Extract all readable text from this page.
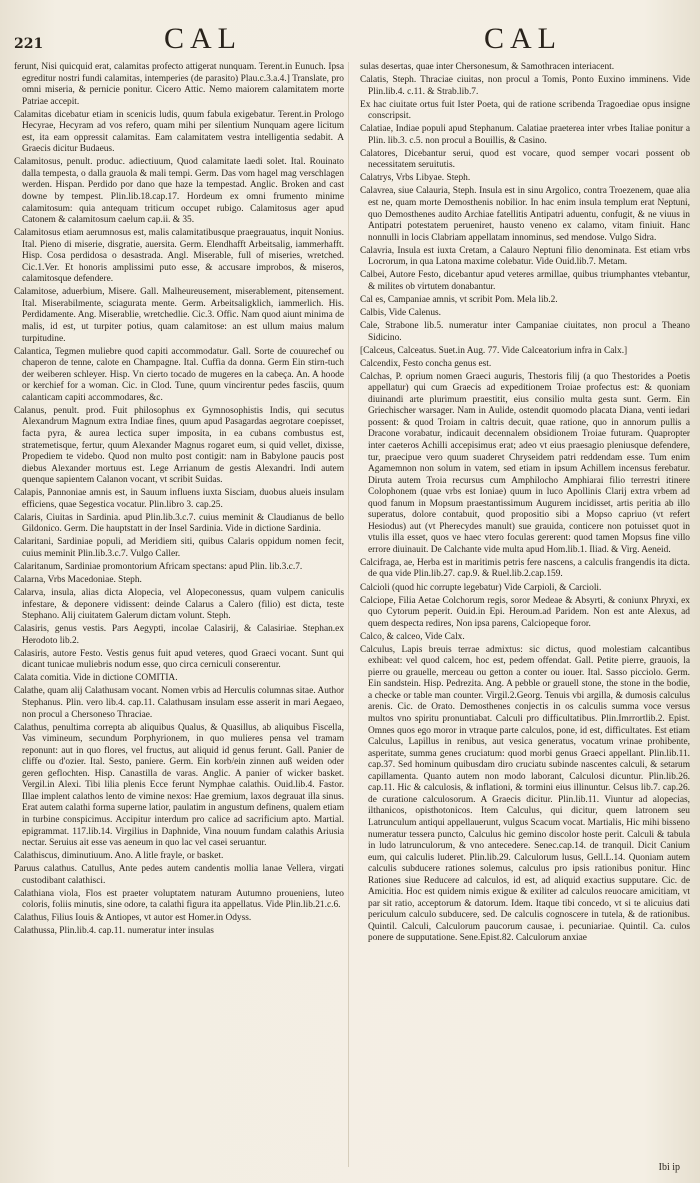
221	CAL	CAL

ferunt, Nisi quicquid erat, calamitas profecto attigerat nunquam. Terent.in Eunuch. Ipsa egreditur nostri fundi calamitas, intemperies (de parasito) Plau.c.3.a.4.] Translate, pro omni miseria, & pernicie ponitur. Cicero Attic. Nemo maiorem calamitatem morte Patriae accepit.

Calamitas dicebatur etiam in scenicis ludis, quum fabula exigebatur. Terent.in Prologo Hecyrae, Hecyram ad vos refero, quam mihi per silentium Nunquam agere licitum est, ita eam oppressit calamitas. Eam calamitatem vestra intelligentia sedabit. A Graecis dicitur Budaeus.

Calamitosus, penult. produc. adiectiuum, Quod calamitate laedi solet. Ital. Rouinato dalla tempesta, o dalla grauola & mali tempi. Germ. Das vom hagel mag verschlagen werden. Hispan. Perdido por dano que haze la tempestad. Anglic. Broken and cast downe by tempest. Plin.lib.18.cap.17. Hordeum ex omni frumento minime calamitosum: quia antequam triticum occupet rubigo. Calamitosus ager apud Catonem & calamitosum caelum cap.ii. & 35.

Calamitosus etiam aerumnosus est, malis calamitatibusque praegrauatus, inquit Nonius. Ital. Pieno di miserie, disgratie, auersita. Germ. Elendhafft Arbeitsalig, iammerhafft. Hisp. Cosa perdidosa o desastrada. Angl. Miserable, full of miseries, wretched. Cic.1.Ver. Et honoris amplissimi puto esse, & accusare improbos, & miseros, calamitosque defendere.

Calamitose, aduerbium, Misere. Gall. Malheureusement, miserablement, pitensement. Ital. Miserabilmente, sciagurata mente. Germ. Arbeitsaligklich, iammerlich. His. Perdidamente. Ang. Miserablie, wretchedlie. Cic.3. Offic. Nam quod aiunt minima de malis, id est, ut turpiter potius, quam calamitose: an est ullum maius malum turpitudine.

Calantica, Tegmen muliebre quod capiti accommodatur. Gall. Sorte de couurechef ou chaperon de tenne, calote en Champagne. Ital. Cuffia da donna. Germ Ein stirn-tuch der weiberen schleyer. Hisp. Vn cierto tocado de mugeres en la cabeça. An. A hoode or kerchief for a woman. Cic. in Clod. Tune, quum vincirentur pedes fasciis, quum calanticam capiti accommodares, &c.

Calanus, penult. prod. Fuit philosophus ex Gymnosophistis Indis, qui secutus Alexandrum Magnum extra Indiae fines, quum apud Pasagardas aegrotare coepisset, facta pyra, & aurea lectica super imposita, in ea cubans combustus est, stratemetisque, fertur, quum Alexander Magnus rogaret eum, si quid vellet, dixisse, Propediem te videbo. Quod non multo post contigit: nam in Babylone paucis post diebus Alexander mortuus est. Lege Arrianum de gestis Alexandri. Indi autem quenque sapientem Calanon vocant, vt scribit Suidas.

Calapis, Pannoniae amnis est, in Sauum influens iuxta Sisciam, duobus alueis insulam efficiens, quae Segestica vocatur. Plin.libro 3. cap.25.

Calaris, Ciuitas in Sardinia. apud Plin.lib.3.c.7. cuius meminit & Claudianus de bello Gildonico. Germ. Die hauptstatt in der Insel Sardinia. Vide in dictione Sardinia.

Calaritani, Sardiniae populi, ad Meridiem siti, quibus Calaris oppidum nomen fecit, cuius meminit Plin.lib.3.c.7. Vulgo Caller.

Calaritanum, Sardiniae promontorium Africam spectans: apud Plin. lib.3.c.7.

Calarna, Vrbs Macedoniae. Steph.

Calarva, insula, alias dicta Alopecia, vel Alopeconessus, quam vulpem caniculis infestare, & deponere vidissent: deinde Calarus a Calero (filio) est dicta, teste Stephano. Alij ciuitatem Galerum dictam volunt. Steph.

Calasiris, genus vestis. Pars Aegypti, incolae Calasirij, & Calasiriae. Stephan.ex Herodoto lib.2.

Calasiris, autore Festo. Vestis genus fuit apud veteres, quod Graeci vocant. Sunt qui dicant tunicae muliebris nodum esse, quo circa cerniculi conserentur.

Calata comitia. Vide in dictione COMITIA.

Calathe, quam alij Calathusam vocant. Nomen vrbis ad Herculis columnas sitae. Author Stephanus. Plin. vero lib.4. cap.11. Calathusam insulam esse asserit in mari Aegaeo, non procul a Chersoneso Thraciae.

Calathus, penultima correpta ab aliquibus Qualus, & Quasillus, ab aliquibus Fiscella, Vas vimineum, secundum Porphyrionem, in quo mulieres pensa vel tramam reponunt: aut in quo flores, vel fructus, aut aliquid id genus ferunt. Gall. Panier de cliffe ou d'ozier. Ital. Sesto, paniere. Germ. Ein korb/ein zinnen auß weiden oder geren geflochten. Hisp. Canastilla de varas. Anglic. A panier of wicker basket. Vergil.in Alexi. Tibi lilia plenis Ecce ferunt Nymphae calathis. Ouid.lib.4. Fastor. Illae implent calathos lento de vimine nexos: Hae gremium, laxos degrauat illa sinus. Erat autem calathi forma superne latior, paulatim in angustum definens, qualem etiam in turbine conspicimus. Accipitur interdum pro calice ad sacrificium apto. Martial. epigrammat. 117.lib.14. Virgilius in Daphnide, Vina nouum fundam calathis Ariusia nectar. Seruius ait esse vas aeneum in quo lac vel casei seruantur.

Calathiscus, diminutiuum. Ano. A litle frayle, or basket.

Paruus calathus. Catullus, Ante pedes autem candentis mollia lanae Vellera, virgati custodibant calathisci.

Calathiana viola, Flos est praeter voluptatem naturam Autumno proueniens, luteo coloris, foliis minutis, sine odore, ta calathi figura ita appellatus. Vide Plin.lib.21.c.6.

Calathus, Filius Iouis & Antiopes, vt autor est Homer.in Odyss.

Calathussa, Plin.lib.4. cap.11. numeratur inter insulas

sulas desertas, quae inter Chersonesum, & Samothracen interiacent.

Calatis, Steph. Thraciae ciuitas, non procul a Tomis, Ponto Euxino imminens. Vide Plin.lib.4. c.11. & Strab.lib.7.

Ex hac ciuitate ortus fuit Ister Poeta, qui de ratione scribenda Tragoediae opus insigne conscripsit.

Calatiae, Indiae populi apud Stephanum. Calatiae praeterea inter vrbes Italiae ponitur a Plin. lib.3. c.5. non procul a Bouillis, & Casino.

Calatores, Dicebantur serui, quod est vocare, quod semper vocari possent ob necessitatem seruitutis.

Calatrys, Vrbs Libyae. Steph.

Calavrea, siue Calauria, Steph. Insula est in sinu Argolico, contra Troezenem, quae alia est ne, quam morte Demosthenis nobilior. In hac enim insula templum erat Neptuni, quo Demosthenes audito Archiae fatellitis Antipatri aduentu, confugit, & ne viuus in Antipatri potestatem perueniret, hausto veneno ex calamo, vitam finiuit. Hanc nonnulli in locis Clabriam appellatam innominus, sed mendose. Vulgo Sidra.

Calavria, Insula est iuxta Cretam, a Calauro Neptuni filio denominata. Est etiam vrbs Locrorum, in qua Latona maxime colebatur. Vide Ouid.lib.7. Metam.

Calbei, Autore Festo, dicebantur apud veteres armillae, quibus triumphantes vtebantur, & milites ob virtutem donabantur.

Cal es, Campaniae amnis, vt scribit Pom. Mela lib.2.

Calbis, Vide Calenus.

Cale, Strabone lib.5. numeratur inter Campaniae ciuitates, non procul a Theano Sidicino.

[Calceus, Calceatus. Suet.in Aug. 77. Vide Calceatorium infra in Calx.]

Calcendix, Festo concha genus est.

Calchas, P. oprium nomen Graeci auguris, Thestoris filij (a quo Thestorides a Poetis appellatur) qui cum Graecis ad expeditionem Troiae profectus est: & quoniam diuinandi arte plurimum praestitit, eius consilio multa gesta sunt. Germ. Ein Griechischer warsager. Nam in Aulide, ostendit quomodo placata Diana, venti iedari possent: & quod Troiam in caltris decuit, quae ratione, quo in annorum pullis a Dracone vorabatur, indicauit decennalem obsidionem Troiae futuram. Quapropter inter caeteros Achilli accepisimus erat; adeo vt eius praesagio pleniusque defendere, tur, praecipue vero quum suaderet Chryseidem patri reddendam esse. Tum enim Agamemnon non solum in vatem, sed etiam in ipsum Achillem incensus ferebatur. Diruta autem Troia recursus cum Amphilocho Amphiarai filio terrestri itinere Colophonem (quae vrbs est Ioniae) quum in luco Apollinis Clarij extra vrbem ad quod fanum in Mopsum praestantissimum Augurem incidisset, artis peritia ab illo superatus, dolore contabuit, quod propositio sibi a Mopso capriuo (vt refert Hesiodus) aut (vt Pherecydes manult) sue grauida, conticere non potuisset quot in vtulis illa esset, quos ve haec vtero foculas gererent: quod tamen Mopsus fine villo errore diuinauit. De Calchante vide multa apud Hom.lib.1. Iliad. & Virg. Aeneid.

Calcifraga, ae, Herba est in maritimis petris fere nascens, a calculis frangendis ita dicta. de qua vide Plin.lib.27. cap.9. & Ruel.lib.2.cap.159.

Calcioli (quod hic corrupte legebatur) Vide Carpioli, & Carcioli.

Calciope, Filia Aetae Colchorum regis, soror Medeae & Absyrti, & coniunx Phryxi, ex quo Cytorum peperit. Ouid.in Epi. Heroum.ad Paridem. Non est ante Alexus, ad quem despecta redires, Non ipsa parens, Calciopeque foror.

Calco, & calceo, Vide Calx.

Calculus, Lapis breuis terrae admixtus: sic dictus, quod molestiam calcantibus exhibeat: vel quod calcem, hoc est, pedem offendat. Gall. Petite pierre, grauois, la pierre ou grauelle, merceau ou getton a conter ou iouer. Ital. Sasso picciolo. Germ. Ein sandstein. Hisp. Pedrezita. Ang. A pebble or grauell stone, the stone in the bodie, a checke or table man counter. Virgil.2.Georg. Tenuis vbi argilla, & dumosis calculus arenis. Cic. de Orato. Demosthenes conjectis in os calculis summa voce versus multos vno spiritu pronuntiabat. Calculi pro difficultatibus. Plin.Imrrortlib.2. Epist. Omnes quos ego moror in vtraque parte calculos, pone, id est, difficultates. Est etiam Calculus, Lapillus in renibus, aut vesica generatus, vocatum vrinae prohibente, asperitate, summa genes cruciatum: quod morbi genus Graeci appellant. Plin.lib.11. cap.37. Sed hominum quibusdam diro cruciatu subinde nascentes calculi, & setarum capillamenta. Quanto autem non modo laborant, Calculosi dicuntur. Plin.lib.26. cap.11. Hic & calculosis, & inflationi, & tormini eius illinuntur. Celsus lib.7. cap.26. de curatione calculosorum. A Graecis dicitur. Plin.lib.11. Viuntur ad alopecias, ilthanicos, opisthotonicos. Item Calculus, qui dicitur, quem latronem seu Latrunculum antiqui appellauerunt, vulgus Scacum vocat. Martialis, Hic mihi bisseno numeratur tessera puncto, Calculus hic gemino discolor hoste perit. Calculi & tabula in ludo latrunculorum, & vno antecedere. Senec.cap.14. de tranquil. Dicit Canium eum, qui calculis luderet. Plin.lib.29. Calculorum lusus, Gell.L.14. Quoniam autem calculis subducere rationes solemus, calculus pro ipsis rationibus ponitur. Hinc Rationes siue Reducere ad calculos, id est, ad aliquid exactius supputare. Cic. de Amicitia. Hoc est quidem nimis exigue & exiliter ad calculos reuocare amicitiam, vt par sit ratio, acceptorum & datorum. Idem. Itaque tibi concedo, vt si te alicuius dati periculum calculo subducere, sed. De calculis cognoscere in tutela, & de rationibus. Quintil. Calculi, Calculorum paucorum causae, i. pecuniariae. Quintil. Ca. culos ponere de supputatione. Sene.Epist.82. Calculorum anxiae

Ibi ip
